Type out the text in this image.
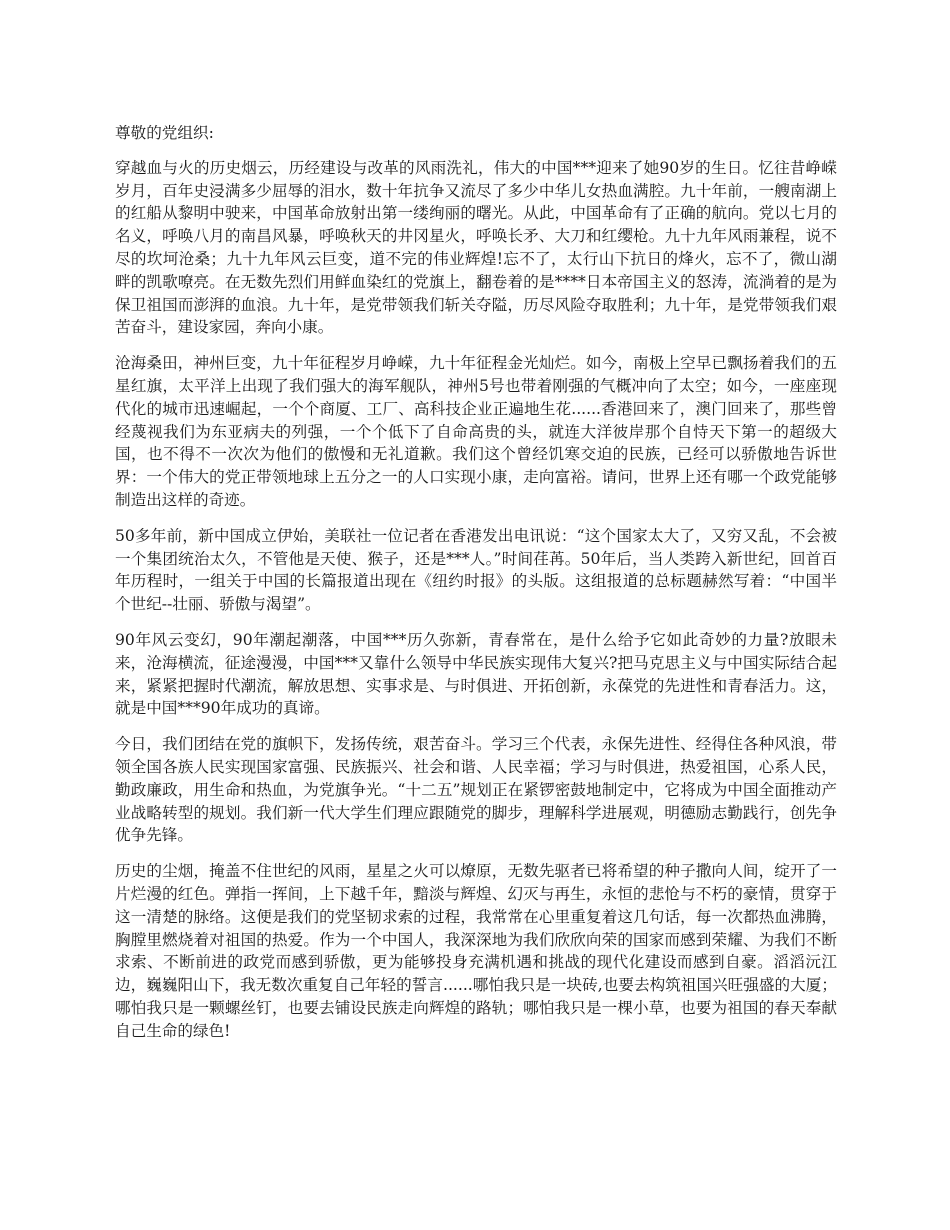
尊敬的党组织:

穿越血与火的历史烟云，历经建设与改革的风雨洗礼，伟大的中国***迎来了她90岁的生日。忆往昔峥嵘岁月，百年史浸满多少屈辱的泪水，数十年抗争又流尽了多少中华儿女热血满腔。九十年前，一艘南湖上的红船从黎明中驶来，中国革命放射出第一缕绚丽的曙光。从此，中国革命有了正确的航向。党以七月的名义，呼唤八月的南昌风暴，呼唤秋天的井冈星火，呼唤长矛、大刀和红缨枪。九十九年风雨兼程，说不尽的坎坷沧桑；九十九年风云巨变，道不完的伟业辉煌!忘不了，太行山下抗日的烽火，忘不了，微山湖畔的凯歌嘹亮。在无数先烈们用鲜血染红的党旗上，翻卷着的是****日本帝国主义的怒涛，流淌着的是为保卫祖国而澎湃的血浪。九十年，是党带领我们斩关夺隘，历尽风险夺取胜利；九十年，是党带领我们艰苦奋斗，建设家园，奔向小康。

沧海桑田，神州巨变，九十年征程岁月峥嵘，九十年征程金光灿烂。如今，南极上空早已飘扬着我们的五星红旗，太平洋上出现了我们强大的海军舰队，神州5号也带着刚强的气概冲向了太空；如今，一座座现代化的城市迅速崛起，一个个商厦、工厂、高科技企业正遍地生花......香港回来了，澳门回来了，那些曾经蔑视我们为东亚病夫的列强，一个个低下了自命高贵的头，就连大洋彼岸那个自恃天下第一的超级大国，也不得不一次次为他们的傲慢和无礼道歉。我们这个曾经饥寒交迫的民族，已经可以骄傲地告诉世界：一个伟大的党正带领地球上五分之一的人口实现小康，走向富裕。请问，世界上还有哪一个政党能够制造出这样的奇迹。

50多年前，新中国成立伊始，美联社一位记者在香港发出电讯说：“这个国家太大了，又穷又乱，不会被一个集团统治太久，不管他是天使、猴子，还是***人。”时间荏苒。50年后，当人类跨入新世纪，回首百年历程时，一组关于中国的长篇报道出现在《纽约时报》的头版。这组报道的总标题赫然写着：“中国半个世纪--壮丽、骄傲与渴望”。

90年风云变幻，90年潮起潮落，中国***历久弥新，青春常在，是什么给予它如此奇妙的力量?放眼未来，沧海横流，征途漫漫，中国***又靠什么领导中华民族实现伟大复兴?把马克思主义与中国实际结合起来，紧紧把握时代潮流，解放思想、实事求是、与时俱进、开拓创新，永葆党的先进性和青春活力。这，就是中国***90年成功的真谛。

今日，我们团结在党的旗帜下，发扬传统，艰苦奋斗。学习三个代表，永保先进性、经得住各种风浪，带领全国各族人民实现国家富强、民族振兴、社会和谐、人民幸福；学习与时俱进，热爱祖国，心系人民，勤政廉政，用生命和热血，为党旗争光。“十二五”规划正在紧锣密鼓地制定中，它将成为中国全面推动产业战略转型的规划。我们新一代大学生们理应跟随党的脚步，理解科学进展观，明德励志勤践行，创先争优争先锋。

历史的尘烟，掩盖不住世纪的风雨，星星之火可以燎原，无数先驱者已将希望的种子撒向人间，绽开了一片烂漫的红色。弹指一挥间，上下越千年，黯淡与辉煌、幻灭与再生，永恒的悲怆与不朽的豪情，贯穿于这一清楚的脉络。这便是我们的党坚韧求索的过程，我常常在心里重复着这几句话，每一次都热血沸腾，胸膛里燃烧着对祖国的热爱。作为一个中国人，我深深地为我们欣欣向荣的国家而感到荣耀、为我们不断求索、不断前进的政党而感到骄傲，更为能够投身充满机遇和挑战的现代化建设而感到自豪。滔滔沅江边，巍巍阳山下，我无数次重复自己年轻的誓言......哪怕我只是一块砖,也要去构筑祖国兴旺强盛的大厦；哪怕我只是一颗螺丝钉，也要去铺设民族走向辉煌的路轨；哪怕我只是一棵小草，也要为祖国的春天奉献自己生命的绿色!
